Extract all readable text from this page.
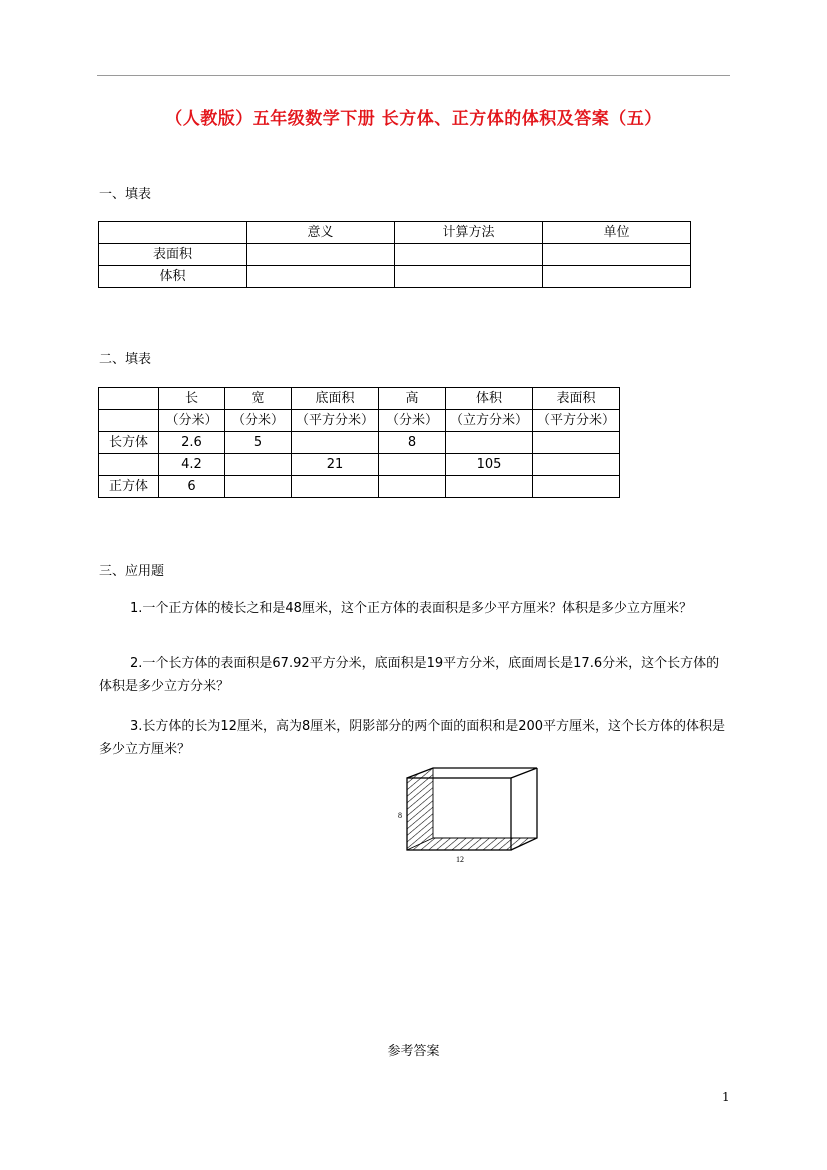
（人教版）五年级数学下册 长方体、正方体的体积及答案（五）
一、填表
	意义	计算方法	单位
表面积			
体积			
二、填表
	长	宽	底面积	高	体积	表面积
	（分米）	（分米）	（平方分米）	（分米）	（立方分米）	（平方分米）
长方体	2.6	5		8		
	4.2		21		105	
正方体	6					
三、应用题

1.一个正方体的棱长之和是48厘米，这个正方体的表面积是多少平方厘米？体积是多少立方厘米？

2.一个长方体的表面积是67.92平方分米，底面积是19平方分米，底面周长是17.6分米，这个长方体的体积是多少立方分米？

3.长方体的长为12厘米，高为8厘米，阴影部分的两个面的面积和是200平方厘米，这个长方体的体积是多少立方厘米？

8
12
参考答案
1
